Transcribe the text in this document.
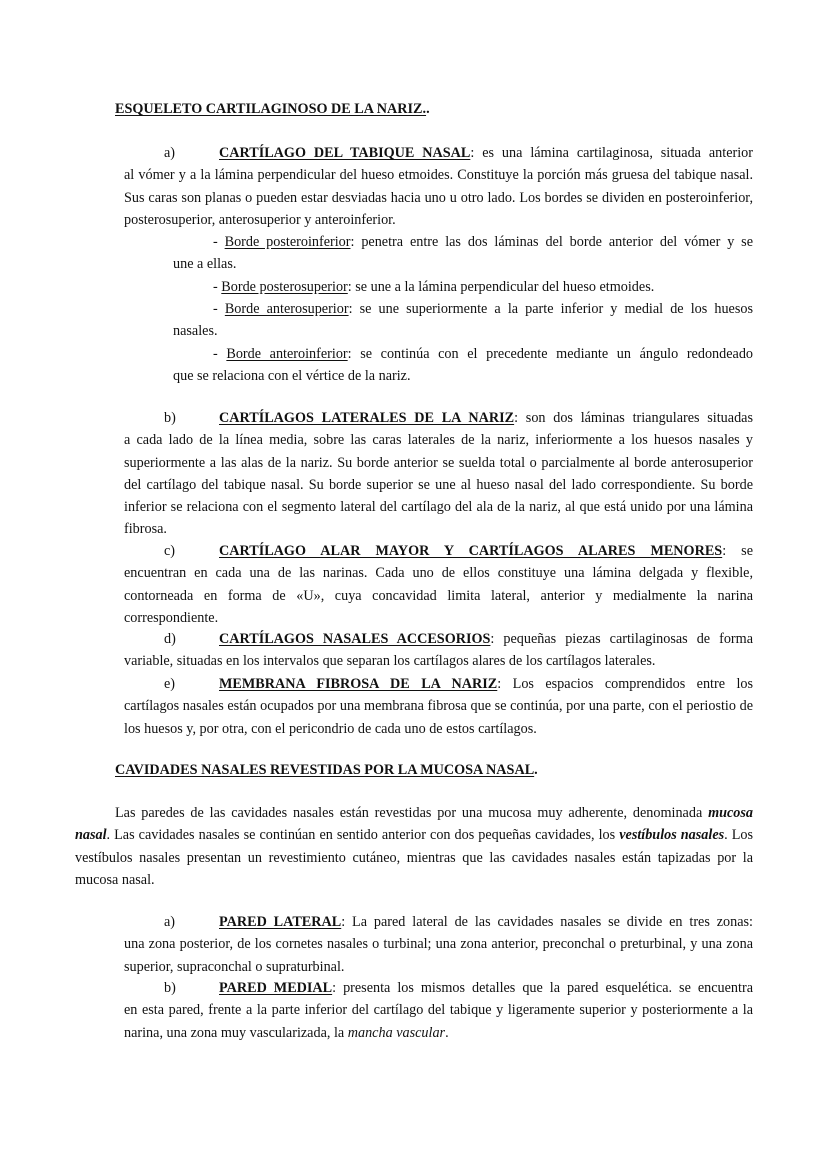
ESQUELETO CARTILAGINOSO DE LA NARIZ..

a)	CARTÍLAGO DEL TABIQUE NASAL: es una lámina cartilaginosa, situada anterior

al vómer y a la lámina perpendicular del hueso etmoides. Constituye la porción más gruesa del tabique nasal. Sus caras son planas o pueden estar desviadas hacia uno u otro lado. Los bordes se dividen en posteroinferior, posterosuperior, anterosuperior y anteroinferior.

- Borde posteroinferior: penetra entre las dos láminas del borde anterior del vómer y se

une a ellas.

- Borde posterosuperior: se une a la lámina perpendicular del hueso etmoides.

- Borde anterosuperior: se une superiormente a la parte inferior y medial de los huesos

nasales.

- Borde anteroinferior: se continúa con el precedente mediante un ángulo redondeado

que se relaciona con el vértice de la nariz.

b)	CARTÍLAGOS LATERALES DE LA NARIZ: son dos láminas triangulares situadas

a cada lado de la línea media, sobre las caras laterales de la nariz, inferiormente a los huesos nasales y superiormente a las alas de la nariz. Su borde anterior se suelda total o parcialmente al borde anterosuperior del cartílago del tabique nasal. Su borde superior se une al hueso nasal del lado correspondiente. Su borde inferior se relaciona con el segmento lateral del cartílago del ala de la nariz, al que está unido por una lámina fibrosa.

c)	CARTÍLAGO ALAR MAYOR Y CARTÍLAGOS ALARES MENORES: se

encuentran en cada una de las narinas. Cada uno de ellos constituye una lámina delgada y flexible, contorneada en forma de «U», cuya concavidad limita lateral, anterior y medialmente la narina correspondiente.

d)	CARTÍLAGOS NASALES ACCESORIOS: pequeñas piezas cartilaginosas de forma

variable, situadas en los intervalos que separan los cartílagos alares de los cartílagos laterales.

e)	MEMBRANA FIBROSA DE LA NARIZ: Los espacios comprendidos entre los

cartílagos nasales están ocupados por una membrana fibrosa que se continúa, por una parte, con el periostio de los huesos y, por otra, con el pericondrio de cada uno de estos cartílagos.

CAVIDADES NASALES REVESTIDAS POR LA MUCOSA NASAL.

Las paredes de las cavidades nasales están revestidas por una mucosa muy adherente, denominada mucosa nasal. Las cavidades nasales se continúan en sentido anterior con dos pequeñas cavidades, los vestíbulos nasales. Los vestíbulos nasales presentan un revestimiento cutáneo, mientras que las cavidades nasales están tapizadas por la mucosa nasal.

a)	PARED LATERAL: La pared lateral de las cavidades nasales se divide en tres zonas:

una zona posterior, de los cornetes nasales o turbinal; una zona anterior, preconchal o preturbinal, y una zona superior, supraconchal o supraturbinal.

b)	PARED MEDIAL: presenta los mismos detalles que la pared esquelética. se encuentra

en esta pared, frente a la parte inferior del cartílago del tabique y ligeramente superior y posteriormente a la narina, una zona muy vascularizada, la mancha vascular.
